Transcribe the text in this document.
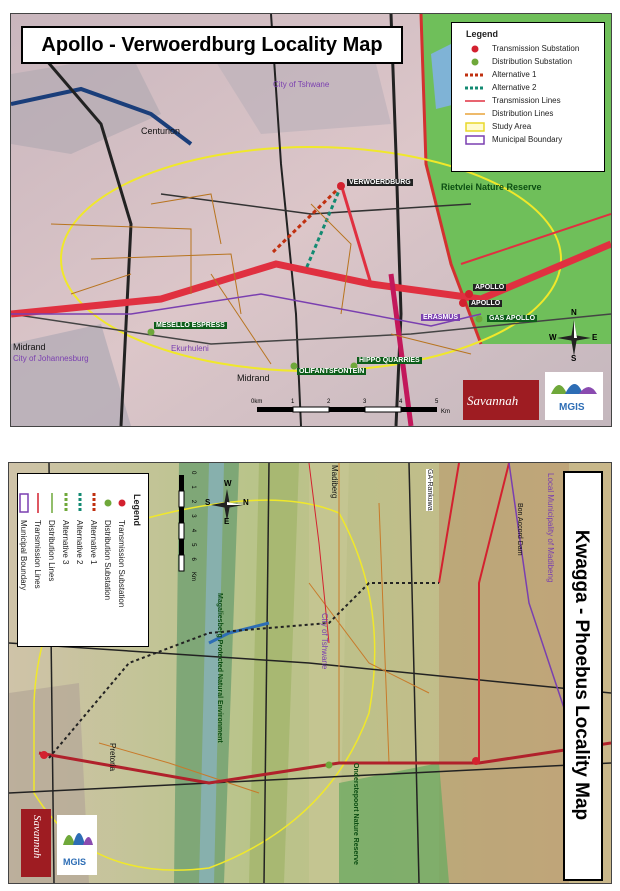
Apollo - Verwoerdburg Locality Map	Legend
Transmission Substation
Distribution Substation
Alternative 1
Alternative 2
Transmission Lines
Distribution Lines
Study Area
Municipal Boundary
City of Tshwane
Centurion
Rietvlei Nature Reserve
Midrand
City of Johannesburg
Ekurhuleni
Midrand
VERWOERDBURG
APOLLO
APOLLO
GAS APOLLO
MESELLO ESPRESS
OLIFANTSFONTEIN
HIPPO QUARRIES
ERASMUS
N
S
E
W
1	2	3	4	5
0km
Km
Savannah	MGIS
Kwagga - Phoebus Locality Map
Legend
Transmission Substation
Distribution Substation
Alternative 1
Alternative 2
Alternative 3
Distribution Lines
Transmission Lines
Municipal Boundary
0
1
2
3
4
5
6
Km
N
S
E
W	Madiberg
City of Tshwane
Pretoria
Local Municipality of Madibeng
GA-Rankuwa
Bon Accord Dam
Magaliesberg Protected Natural Environment
Onderstepoort Nature Reserve
Savannah
MGIS
